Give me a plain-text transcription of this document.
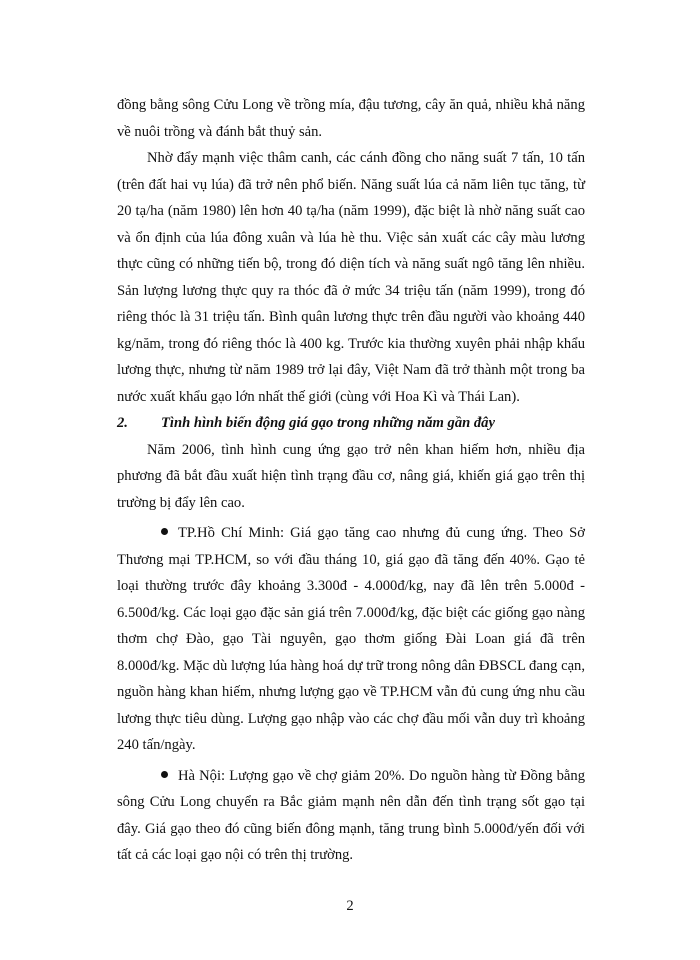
đồng bằng sông Cửu Long về trồng mía, đậu tương, cây ăn quả, nhiều khả năng về nuôi trồng và đánh bắt thuỷ sản.

Nhờ đẩy mạnh việc thâm canh, các cánh đồng cho năng suất 7 tấn, 10 tấn (trên đất hai vụ lúa) đã trở nên phổ biến. Năng suất lúa cả năm liên tục tăng, từ 20 tạ/ha (năm 1980) lên hơn 40 tạ/ha (năm 1999), đặc biệt là nhờ năng suất cao và ổn định của lúa đông xuân và lúa hè thu. Việc sản xuất các cây màu lương thực cũng có những tiến bộ, trong đó diện tích và năng suất ngô tăng lên nhiều. Sản lượng lương thực quy ra thóc đã ở mức 34 triệu tấn (năm 1999), trong đó riêng thóc là 31 triệu tấn. Bình quân lương thực trên đầu người vào khoảng 440 kg/năm, trong đó riêng thóc là 400 kg. Trước kia thường xuyên phải nhập khẩu lương thực, nhưng từ năm 1989 trở lại đây, Việt Nam đã trở thành một trong ba nước xuất khẩu gạo lớn nhất thế giới (cùng với Hoa Kì và Thái Lan).

2. Tình hình biến động giá gạo trong những năm gần đây

Năm 2006, tình hình cung ứng gạo trở nên khan hiếm hơn, nhiều địa phương đã bắt đầu xuất hiện tình trạng đầu cơ, nâng giá, khiến giá gạo trên thị trường bị đẩy lên cao.

TP.Hồ Chí Minh: Giá gạo tăng cao nhưng đủ cung ứng. Theo Sở Thương mại TP.HCM, so với đầu tháng 10, giá gạo đã tăng đến 40%. Gạo tẻ loại thường trước đây khoảng 3.300đ - 4.000đ/kg, nay đã lên trên 5.000đ - 6.500đ/kg. Các loại gạo đặc sản giá trên 7.000đ/kg, đặc biệt các giống gạo nàng thơm chợ Đào, gạo Tài nguyên, gạo thơm giống Đài Loan giá đã trên 8.000đ/kg. Mặc dù lượng lúa hàng hoá dự trữ trong nông dân ĐBSCL đang cạn, nguồn hàng khan hiếm, nhưng lượng gạo về TP.HCM vẫn đủ cung ứng nhu cầu lương thực tiêu dùng. Lượng gạo nhập vào các chợ đầu mối vẫn duy trì khoảng 240 tấn/ngày.

Hà Nội: Lượng gạo về chợ giảm 20%. Do nguồn hàng từ Đồng bằng sông Cửu Long chuyển ra Bắc giảm mạnh nên dẫn đến tình trạng sốt gạo tại đây. Giá gạo theo đó cũng biến đông mạnh, tăng trung bình 5.000đ/yến đối với tất cả các loại gạo nội có trên thị trường.

2
